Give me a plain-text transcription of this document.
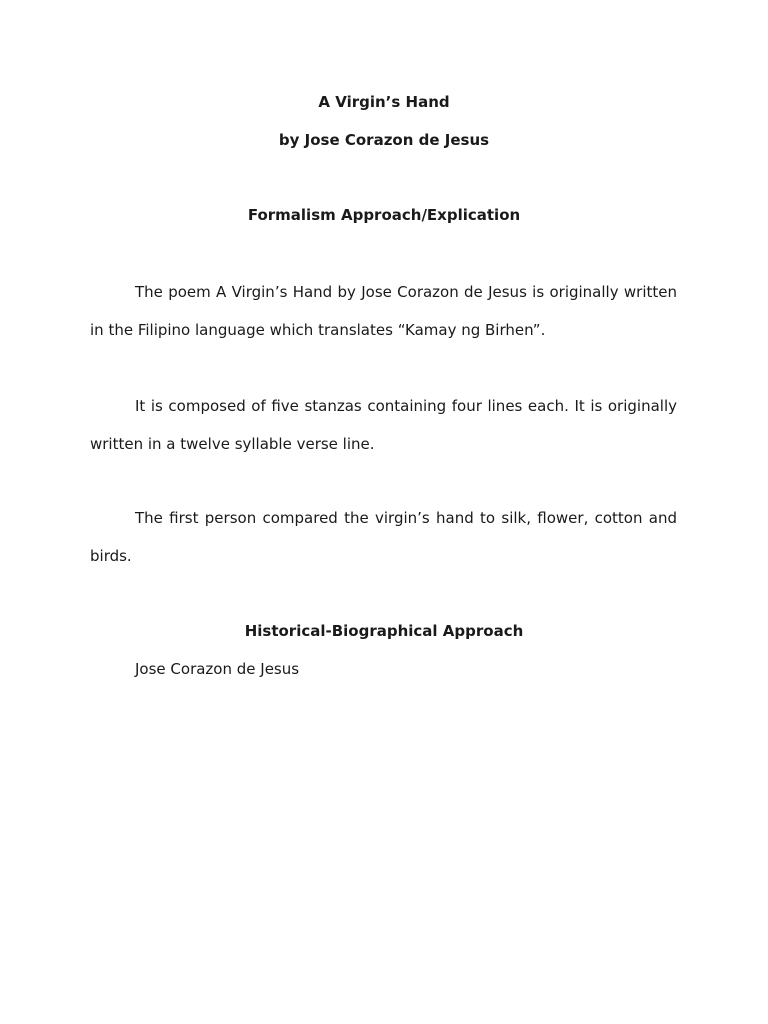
A Virgin’s Hand

by Jose Corazon de Jesus

Formalism Approach/Explication

The poem A Virgin’s Hand by Jose Corazon de Jesus is originally written in the Filipino language which translates “Kamay ng Birhen”.

It is composed of five stanzas containing four lines each. It is originally written in a twelve syllable verse line.

The first person compared the virgin’s hand to silk, flower, cotton and birds.

Historical-Biographical Approach

Jose Corazon de Jesus
